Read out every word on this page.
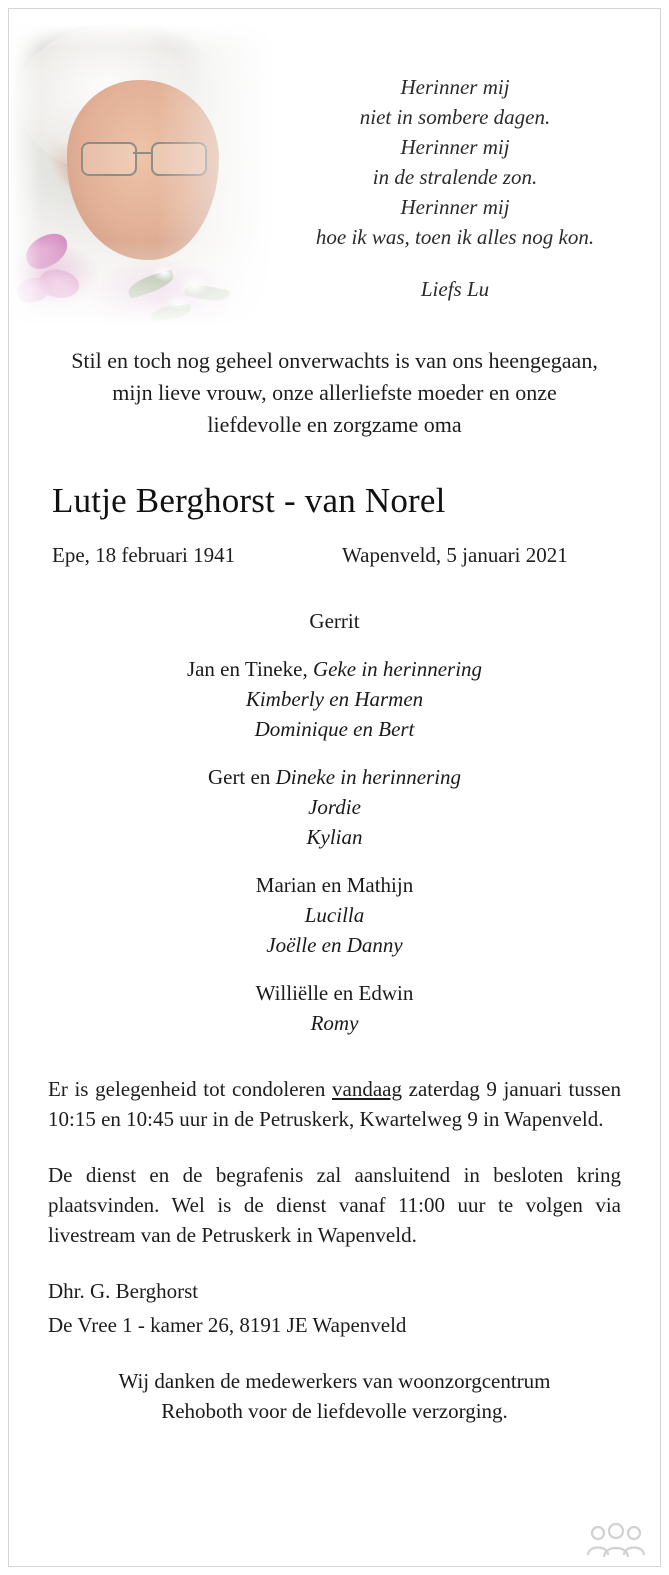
Herinner mij
niet in sombere dagen.
Herinner mij
in de stralende zon.
Herinner mij
hoe ik was, toen ik alles nog kon.
Liefs Lu
Stil en toch nog geheel onverwachts is van ons heengegaan, mijn lieve vrouw, onze allerliefste moeder en onze liefdevolle en zorgzame oma
Lutje Berghorst - van Norel
Epe, 18 februari 1941	Wapenveld, 5 januari 2021
Gerrit
Jan en Tineke, Geke in herinnering
Kimberly en Harmen
Dominique en Bert
Gert en Dineke in herinnering
Jordie
Kylian
Marian en Mathijn
Lucilla
Joëlle en Danny
Williëlle en Edwin
Romy

Er is gelegenheid tot condoleren vandaag zaterdag 9 januari tussen 10:15 en 10:45 uur in de Petruskerk, Kwartelweg 9 in Wapenveld.

De dienst en de begrafenis zal aansluitend in besloten kring plaatsvinden. Wel is de dienst vanaf 11:00 uur te volgen via livestream van de Petruskerk in Wapenveld.

Dhr. G. Berghorst

De Vree 1 - kamer 26, 8191 JE Wapenveld

Wij danken de medewerkers van woonzorgcentrum
Rehoboth voor de liefdevolle verzorging.
